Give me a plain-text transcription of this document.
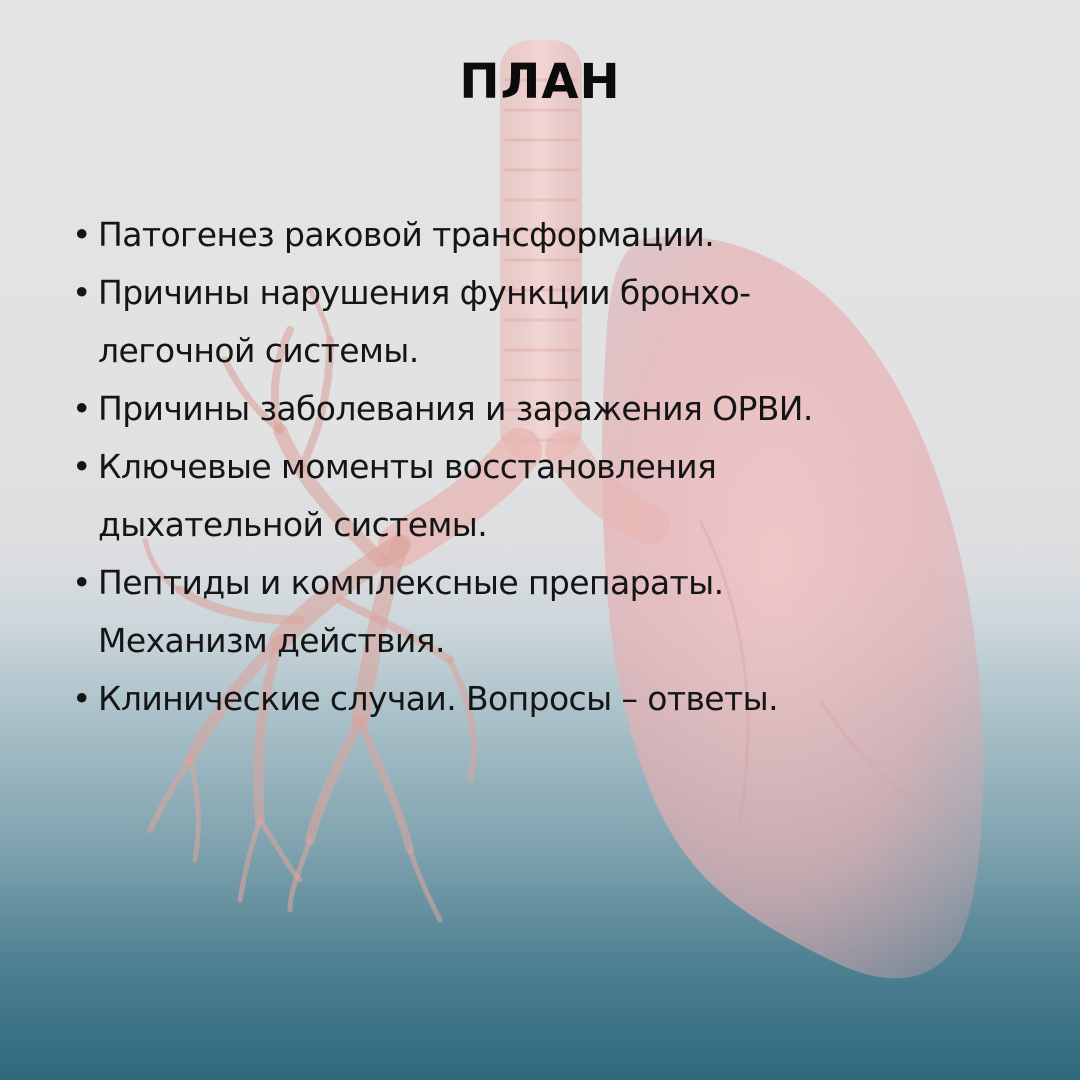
ПЛАН
• Патогенез раковой трансформации.
• Причины нарушения функции бронхо-
легочной системы.
• Причины заболевания и заражения ОРВИ.
• Ключевые моменты восстановления
дыхательной системы.
• Пептиды и комплексные препараты.
Механизм действия.
• Клинические случаи. Вопросы – ответы.
